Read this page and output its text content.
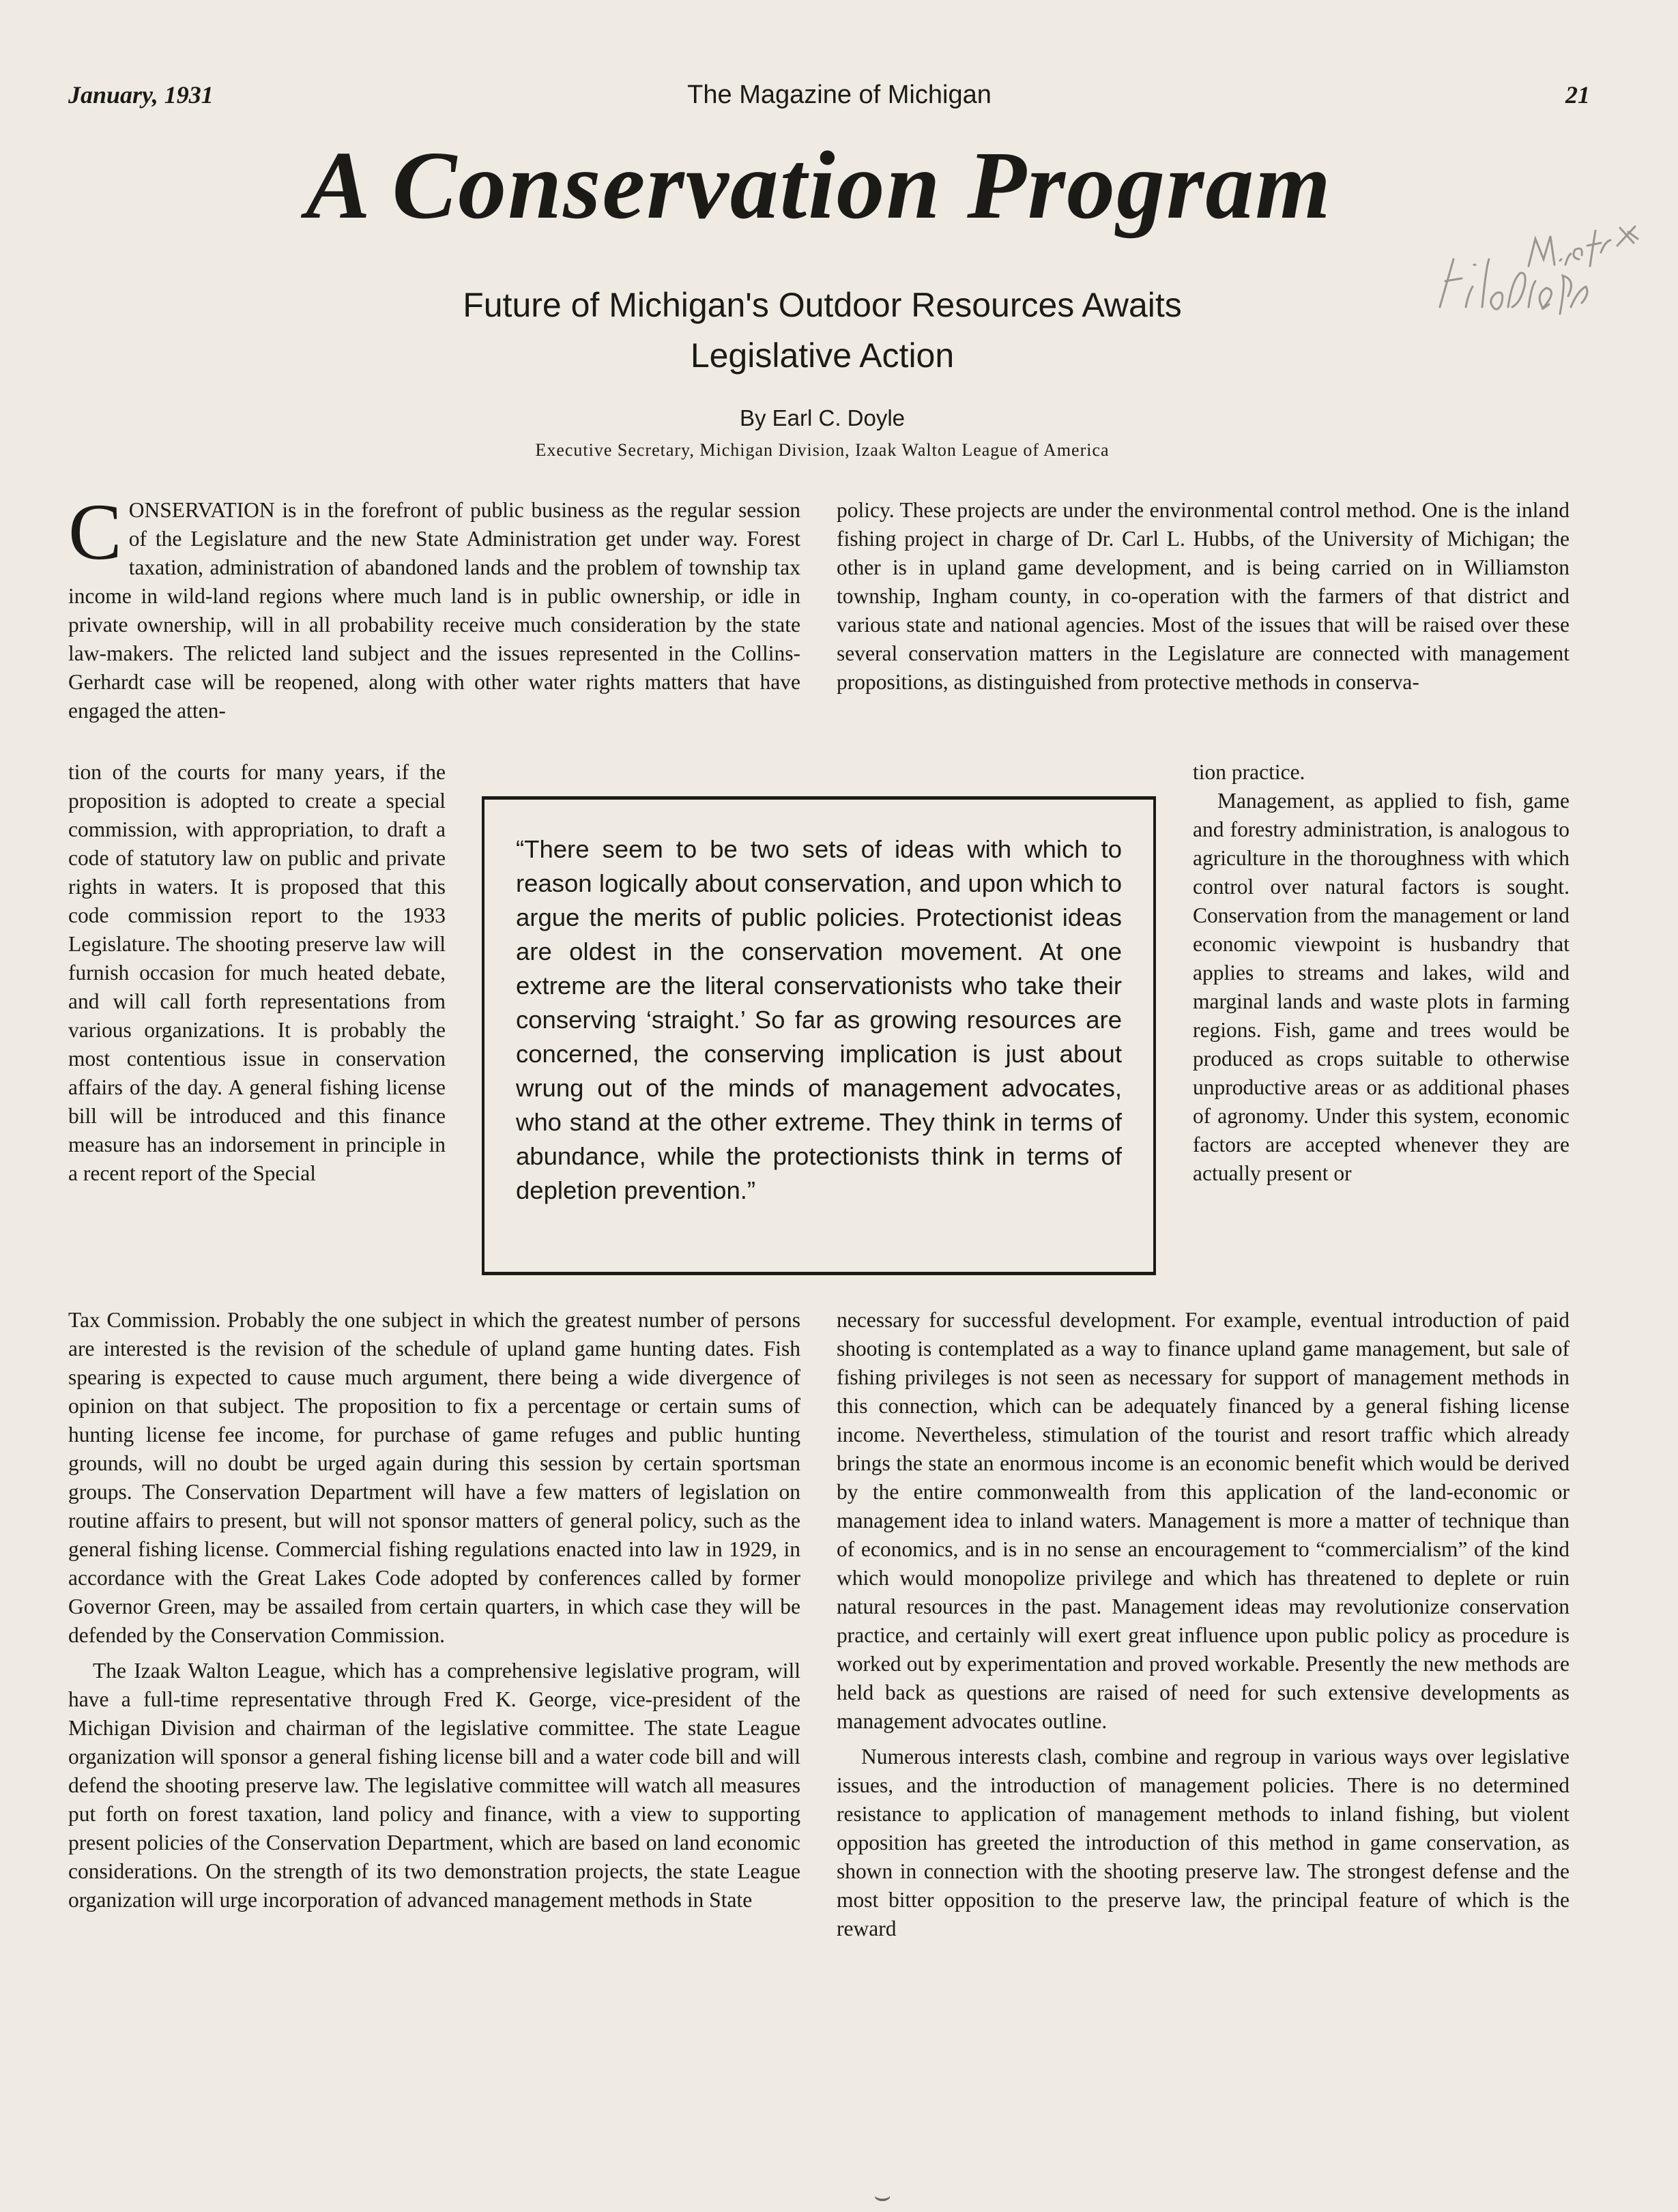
January, 1931	The Magazine of Michigan	21
A Conservation Program
Future of Michigan's Outdoor Resources Awaits
Legislative Action
By Earl C. Doyle
Executive Secretary, Michigan Division, Izaak Walton League of America

CONSERVATION is in the forefront of public business as the regular session of the Legislature and the new State Administration get under way. Forest taxation, administration of abandoned lands and the problem of township tax income in wild-land regions where much land is in public ownership, or idle in private ownership, will in all probability receive much consideration by the state law-makers. The relicted land subject and the issues represented in the Collins-Gerhardt case will be reopened, along with other water rights matters that have engaged the atten-

tion of the courts for many years, if the proposition is adopted to create a special commission, with appropriation, to draft a code of statutory law on public and private rights in waters. It is proposed that this code commission report to the 1933 Legislature. The shooting preserve law will furnish occasion for much heated debate, and will call forth representations from various organizations. It is probably the most contentious issue in conservation affairs of the day. A general fishing license bill will be introduced and this finance measure has an indorsement in principle in a recent report of the Special

Tax Commission. Probably the one subject in which the greatest number of persons are interested is the revision of the schedule of upland game hunting dates. Fish spearing is expected to cause much argument, there being a wide divergence of opinion on that subject. The proposition to fix a percentage or certain sums of hunting license fee income, for purchase of game refuges and public hunting grounds, will no doubt be urged again during this session by certain sportsman groups. The Conservation Department will have a few matters of legislation on routine affairs to present, but will not sponsor matters of general policy, such as the general fishing license. Commercial fishing regulations enacted into law in 1929, in accordance with the Great Lakes Code adopted by conferences called by former Governor Green, may be assailed from certain quarters, in which case they will be defended by the Conservation Commission.

The Izaak Walton League, which has a comprehensive legislative program, will have a full-time representative through Fred K. George, vice-president of the Michigan Division and chairman of the legislative committee. The state League organization will sponsor a general fishing license bill and a water code bill and will defend the shooting preserve law. The legislative committee will watch all measures put forth on forest taxation, land policy and finance, with a view to supporting present policies of the Conservation Department, which are based on land economic considerations. On the strength of its two demonstration projects, the state League organization will urge incorporation of advanced management methods in State

policy. These projects are under the environmental control method. One is the inland fishing project in charge of Dr. Carl L. Hubbs, of the University of Michigan; the other is in upland game development, and is being carried on in Williamston township, Ingham county, in co-operation with the farmers of that district and various state and national agencies. Most of the issues that will be raised over these several conservation matters in the Legislature are connected with management propositions, as distinguished from protective methods in conserva-

tion practice.

Management, as applied to fish, game and forestry administration, is analogous to agriculture in the thoroughness with which control over natural factors is sought. Conservation from the management or land economic viewpoint is husbandry that applies to streams and lakes, wild and marginal lands and waste plots in farming regions. Fish, game and trees would be produced as crops suitable to otherwise unproductive areas or as additional phases of agronomy. Under this system, economic factors are accepted whenever they are actually present or

necessary for successful development. For example, eventual introduction of paid shooting is contemplated as a way to finance upland game management, but sale of fishing privileges is not seen as necessary for support of management methods in this connection, which can be adequately financed by a general fishing license income. Nevertheless, stimulation of the tourist and resort traffic which already brings the state an enormous income is an economic benefit which would be derived by the entire commonwealth from this application of the land-economic or management idea to inland waters. Management is more a matter of technique than of economics, and is in no sense an encouragement to “commercialism” of the kind which would monopolize privilege and which has threatened to deplete or ruin natural resources in the past. Management ideas may revolutionize conservation practice, and certainly will exert great influence upon public policy as procedure is worked out by experimentation and proved workable. Presently the new methods are held back as questions are raised of need for such extensive developments as management advocates outline.

Numerous interests clash, combine and regroup in various ways over legislative issues, and the introduction of management policies. There is no determined resistance to application of management methods to inland fishing, but violent opposition has greeted the introduction of this method in game conservation, as shown in connection with the shooting preserve law. The strongest defense and the most bitter opposition to the preserve law, the principal feature of which is the reward

“There seem to be two sets of ideas with which to reason logically about conservation, and upon which to argue the merits of public policies. Protectionist ideas are oldest in the conservation movement. At one extreme are the literal conservationists who take their conserving ‘straight.’ So far as growing resources are concerned, the conserving implication is just about wrung out of the minds of management advocates, who stand at the other extreme. They think in terms of abundance, while the protectionists think in terms of depletion prevention.”

⌣
